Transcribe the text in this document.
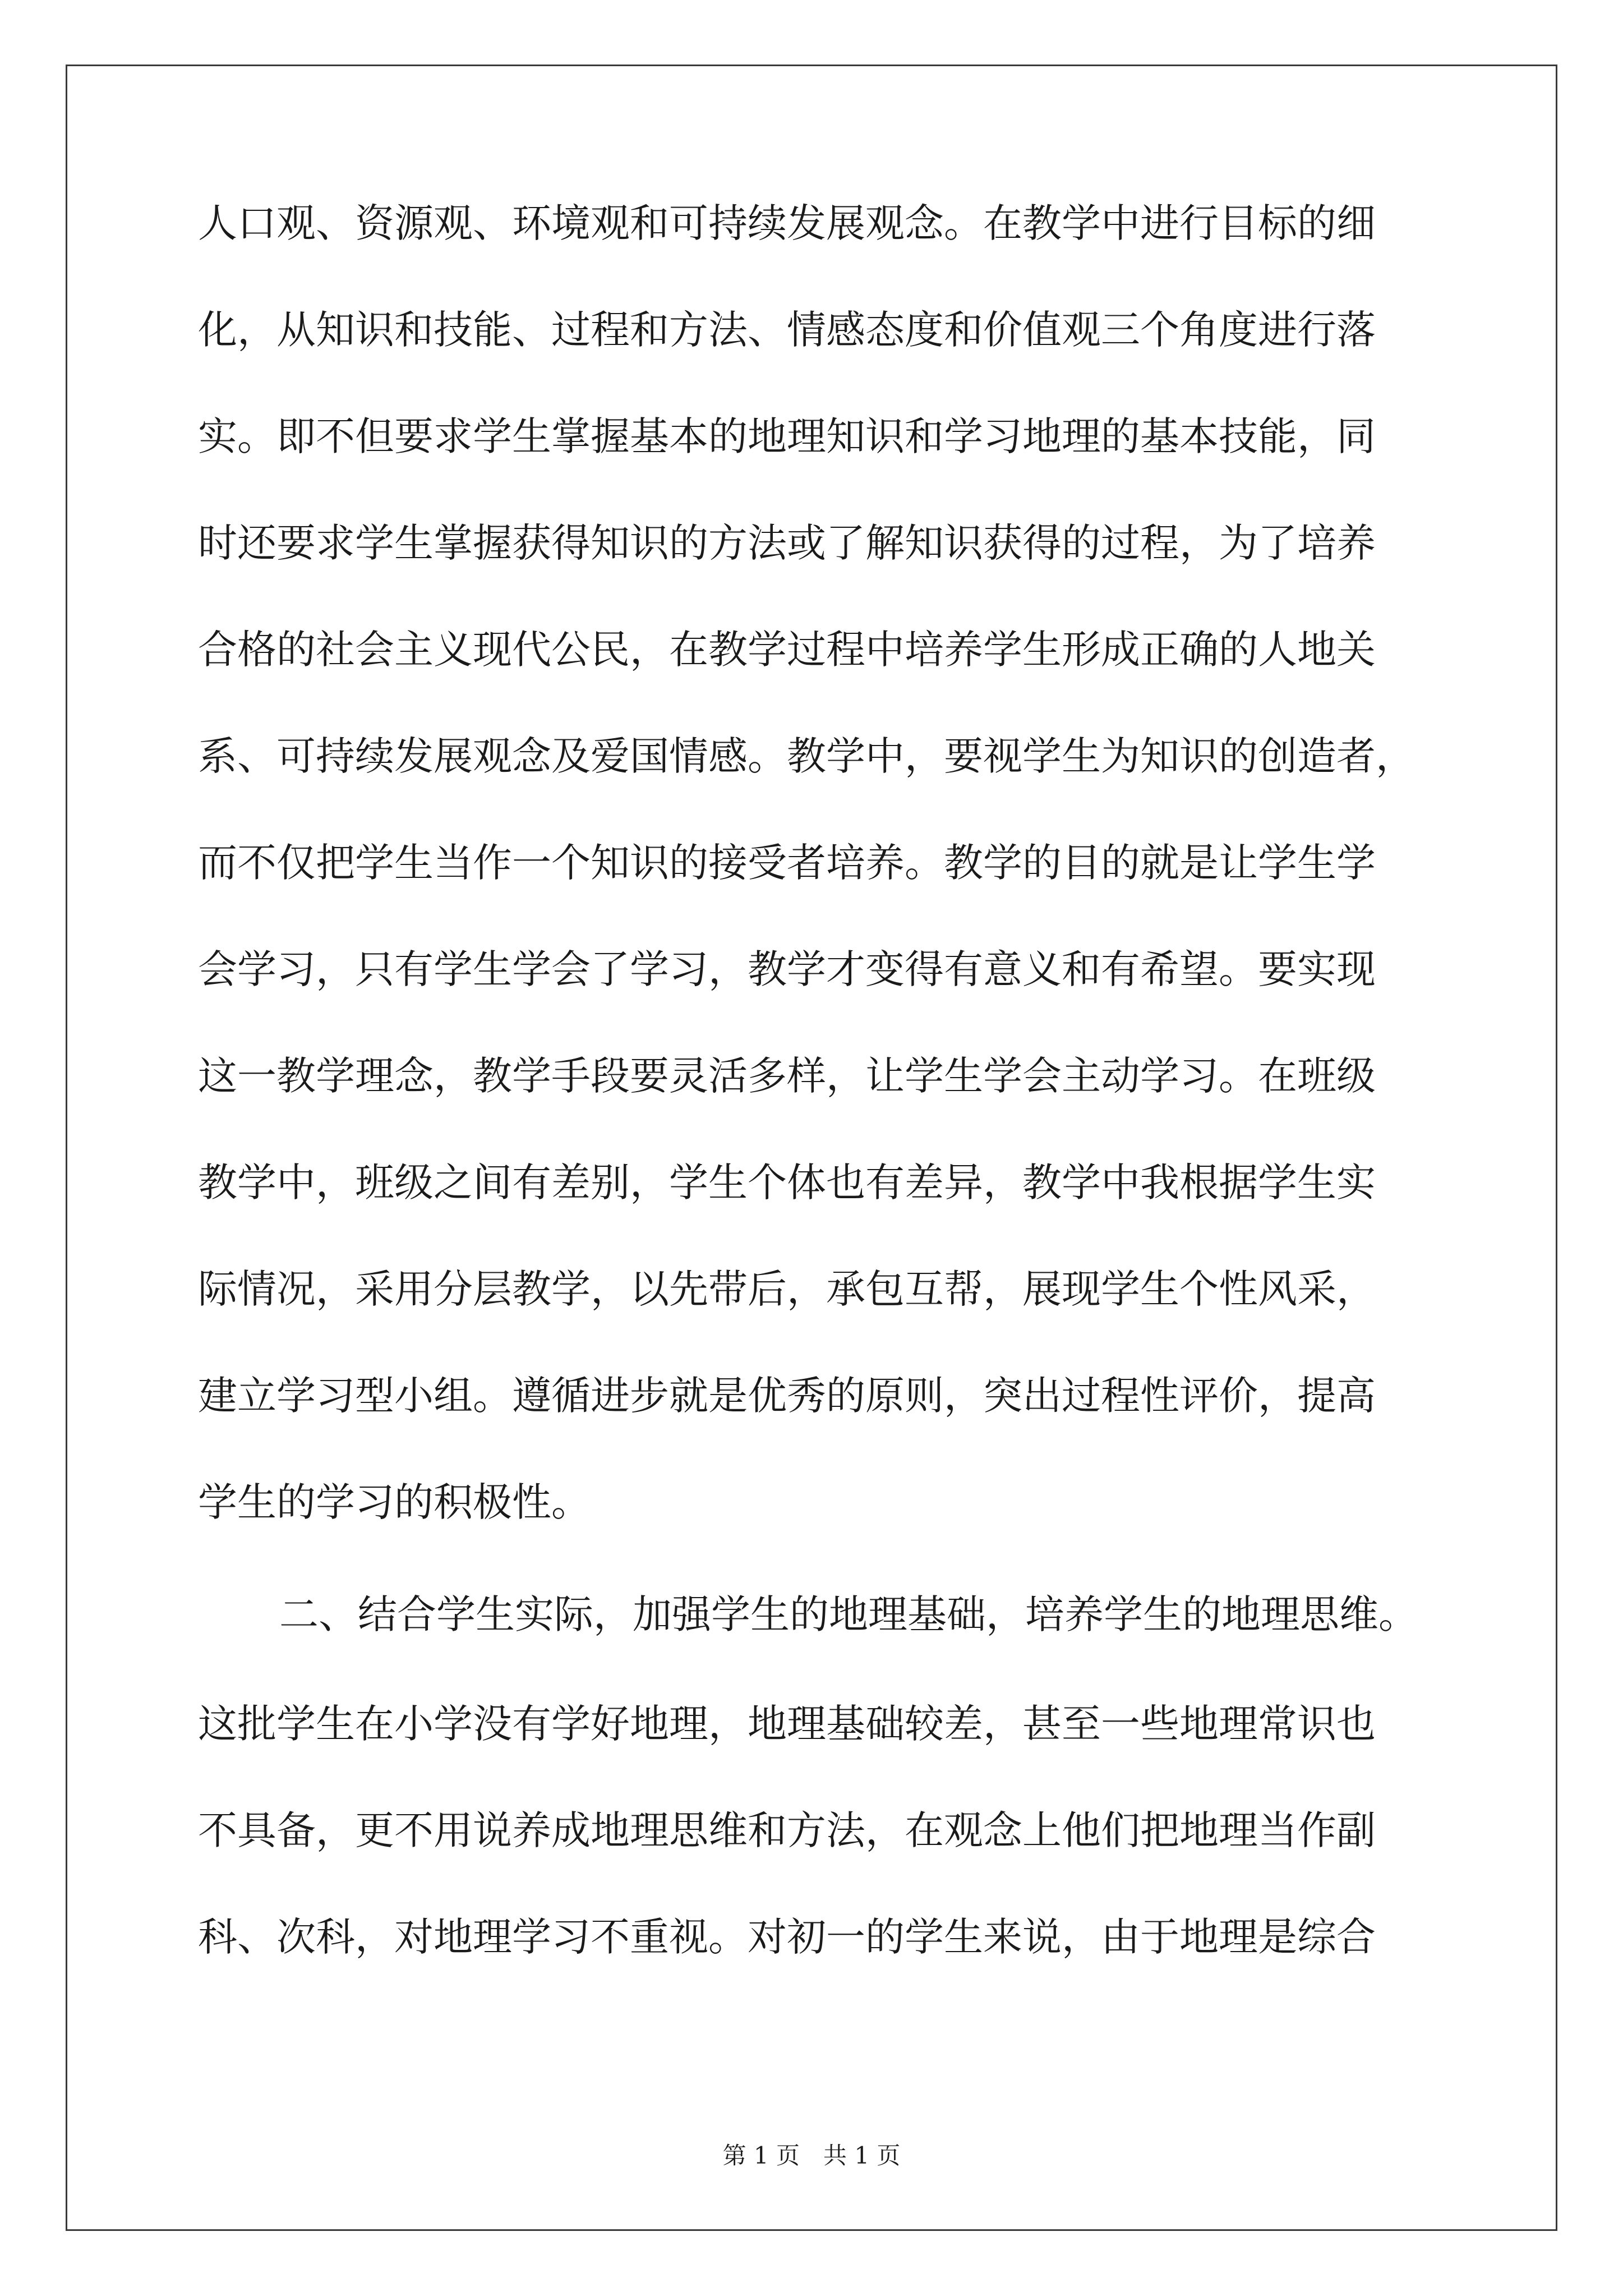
人口观、资源观、环境观和可持续发展观念。在教学中进行目标的细
化，从知识和技能、过程和方法、情感态度和价值观三个角度进行落
实。即不但要求学生掌握基本的地理知识和学习地理的基本技能，同
时还要求学生掌握获得知识的方法或了解知识获得的过程，为了培养
合格的社会主义现代公民，在教学过程中培养学生形成正确的人地关
系、可持续发展观念及爱国情感。教学中，要视学生为知识的创造者，
而不仅把学生当作一个知识的接受者培养。教学的目的就是让学生学
会学习，只有学生学会了学习，教学才变得有意义和有希望。要实现
这一教学理念，教学手段要灵活多样，让学生学会主动学习。在班级
教学中，班级之间有差别，学生个体也有差异，教学中我根据学生实
际情况，采用分层教学，以先带后，承包互帮，展现学生个性风采，
建立学习型小组。遵循进步就是优秀的原则，突出过程性评价，提高
学生的学习的积极性。
二、结合学生实际，加强学生的地理基础，培养学生的地理思维。
这批学生在小学没有学好地理，地理基础较差，甚至一些地理常识也
不具备，更不用说养成地理思维和方法，在观念上他们把地理当作副
科、次科，对地理学习不重视。对初一的学生来说，由于地理是综合
第 1 页　共 1 页
